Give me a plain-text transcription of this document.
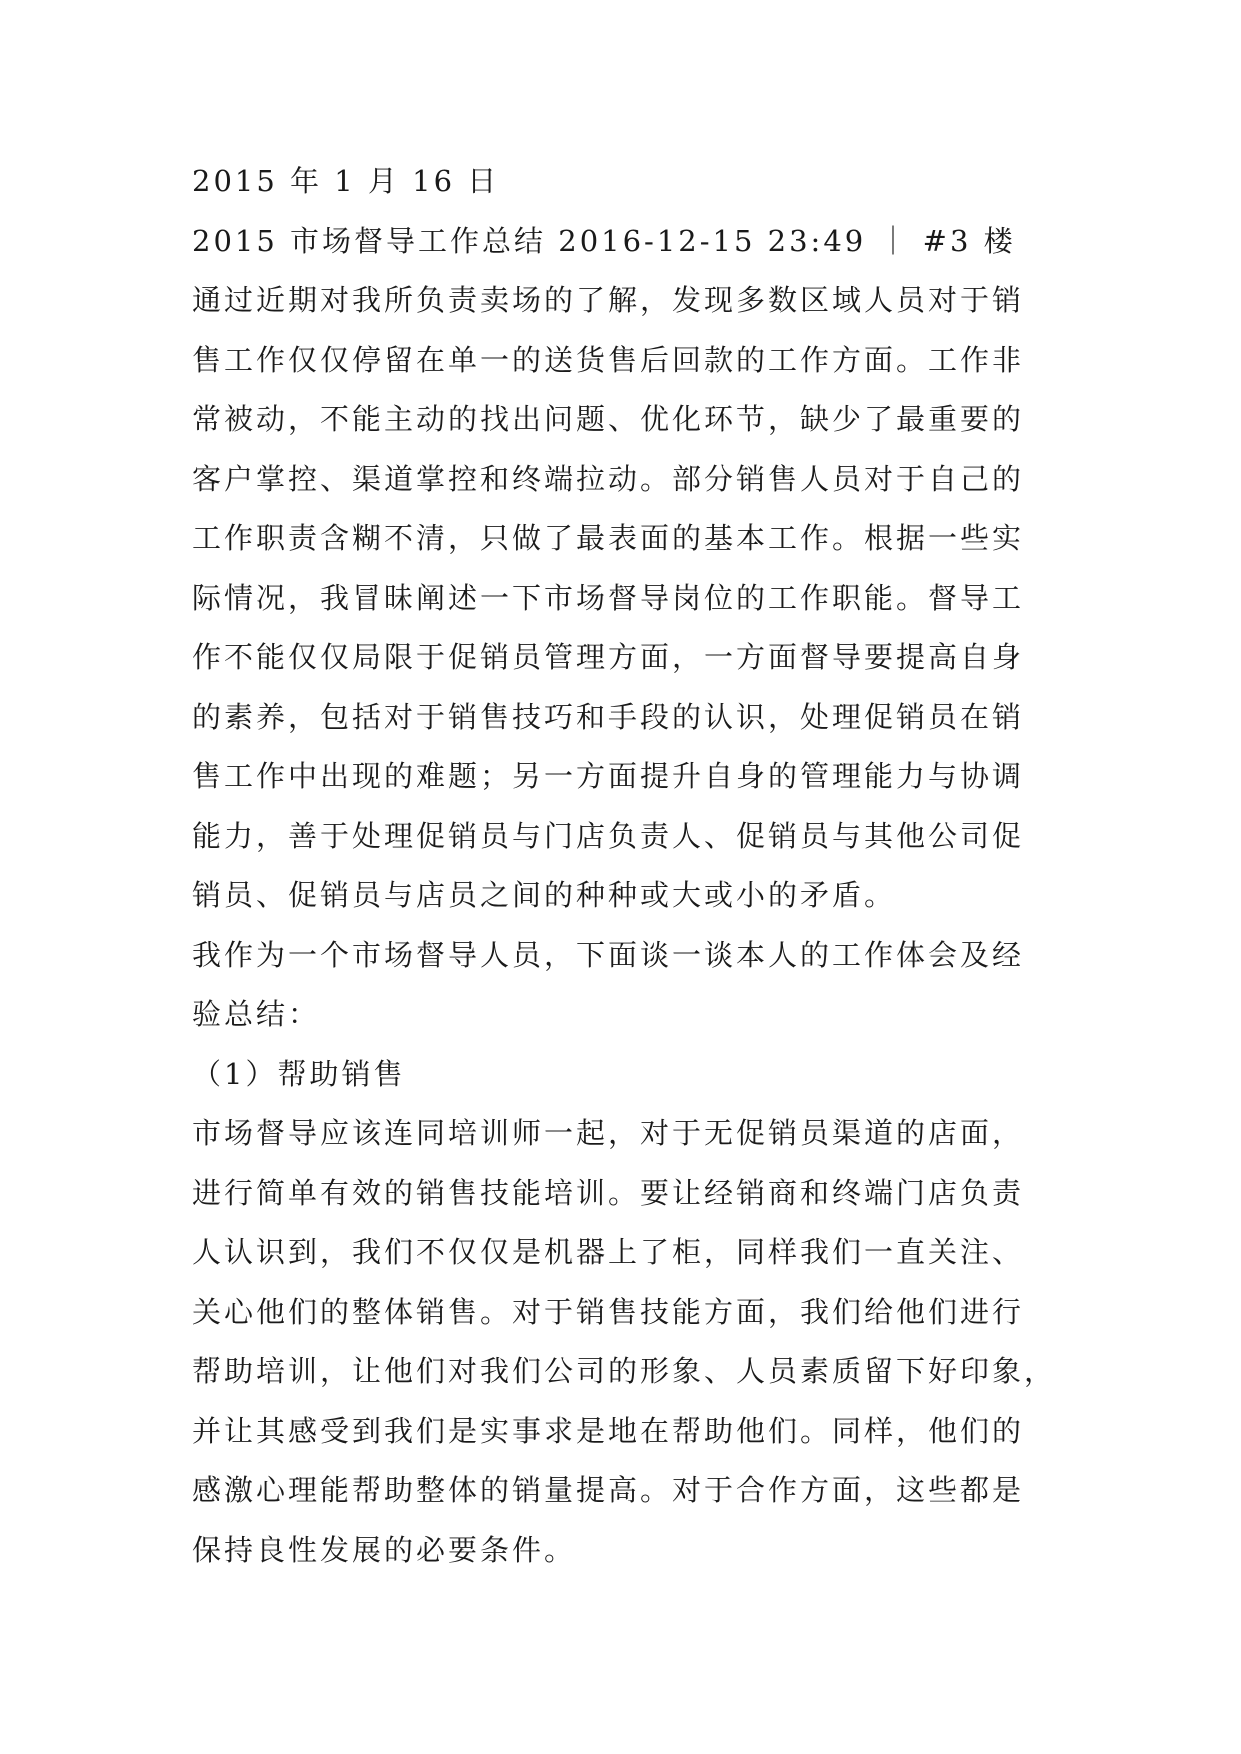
2015 年 1 月 16 日
2015 市场督导工作总结 2016-12-15 23:49 ｜ #3 楼
通过近期对我所负责卖场的了解，发现多数区域人员对于销
售工作仅仅停留在单一的送货售后回款的工作方面。工作非
常被动，不能主动的找出问题、优化环节，缺少了最重要的
客户掌控、渠道掌控和终端拉动。部分销售人员对于自己的
工作职责含糊不清，只做了最表面的基本工作。根据一些实
际情况，我冒昧阐述一下市场督导岗位的工作职能。督导工
作不能仅仅局限于促销员管理方面，一方面督导要提高自身
的素养，包括对于销售技巧和手段的认识，处理促销员在销
售工作中出现的难题；另一方面提升自身的管理能力与协调
能力，善于处理促销员与门店负责人、促销员与其他公司促
销员、促销员与店员之间的种种或大或小的矛盾。
我作为一个市场督导人员，下面谈一谈本人的工作体会及经
验总结：
（1）帮助销售
市场督导应该连同培训师一起，对于无促销员渠道的店面，
进行简单有效的销售技能培训。要让经销商和终端门店负责
人认识到，我们不仅仅是机器上了柜，同样我们一直关注、
关心他们的整体销售。对于销售技能方面，我们给他们进行
帮助培训，让他们对我们公司的形象、人员素质留下好印象，
并让其感受到我们是实事求是地在帮助他们。同样，他们的
感激心理能帮助整体的销量提高。对于合作方面，这些都是
保持良性发展的必要条件。
